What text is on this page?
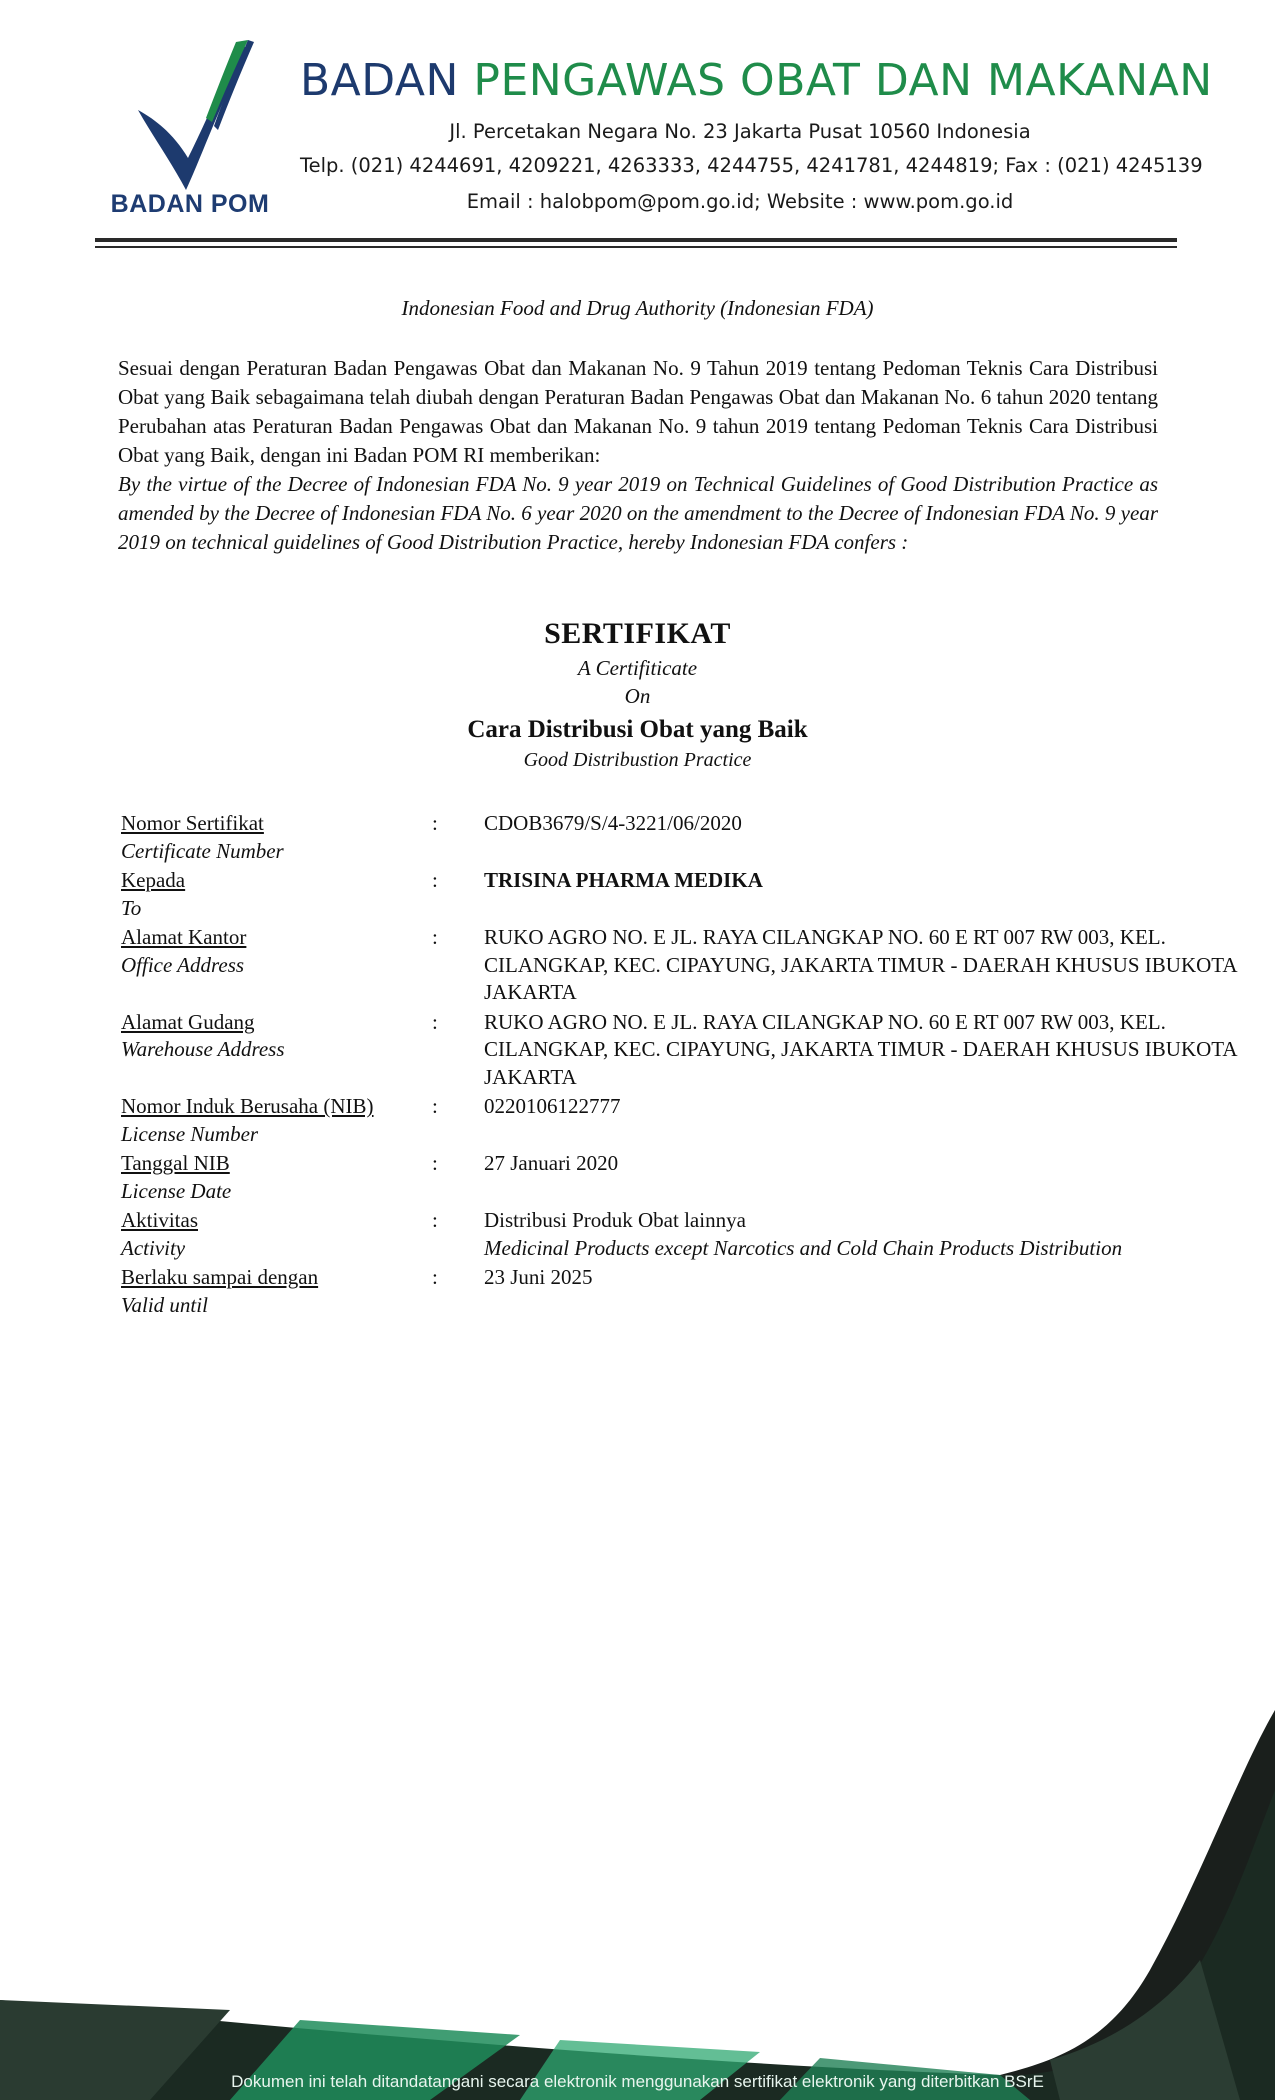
BADAN POM
BADAN PENGAWAS OBAT DAN MAKANAN
Jl. Percetakan Negara No. 23 Jakarta Pusat 10560 Indonesia
Telp. (021) 4244691, 4209221, 4263333, 4244755, 4241781, 4244819; Fax : (021) 4245139
Email : halobpom@pom.go.id; Website : www.pom.go.id
Indonesian Food and Drug Authority (Indonesian FDA)
Sesuai dengan Peraturan Badan Pengawas Obat dan Makanan No. 9 Tahun 2019 tentang Pedoman Teknis Cara Distribusi Obat yang Baik sebagaimana telah diubah dengan Peraturan Badan Pengawas Obat dan Makanan No. 6 tahun 2020 tentang Perubahan atas Peraturan Badan Pengawas Obat dan Makanan No. 9 tahun 2019 tentang Pedoman Teknis Cara Distribusi Obat yang Baik, dengan ini Badan POM RI memberikan:
By the virtue of the Decree of Indonesian FDA No. 9 year 2019 on Technical Guidelines of Good Distribution Practice as amended by the Decree of Indonesian FDA No. 6 year 2020 on the amendment to the Decree of Indonesian FDA No. 9 year 2019 on technical guidelines of Good Distribution Practice, hereby Indonesian FDA confers :
SERTIFIKAT
A Certifiticate
On
Cara Distribusi Obat yang Baik
Good Distribustion Practice
Nomor Sertifikat
Certificate Number
: CDOB3679/S/4-3221/06/2020
Kepada
To
: TRISINA PHARMA MEDIKA
Alamat Kantor
Office Address
: RUKO AGRO NO. E JL. RAYA CILANGKAP NO. 60 E RT 007 RW 003, KEL. CILANGKAP, KEC. CIPAYUNG, JAKARTA TIMUR - DAERAH KHUSUS IBUKOTA JAKARTA
Alamat Gudang
Warehouse Address
: RUKO AGRO NO. E JL. RAYA CILANGKAP NO. 60 E RT 007 RW 003, KEL. CILANGKAP, KEC. CIPAYUNG, JAKARTA TIMUR - DAERAH KHUSUS IBUKOTA JAKARTA
Nomor Induk Berusaha (NIB)
License Number
: 0220106122777
Tanggal NIB
License Date
: 27 Januari 2020
Aktivitas
Activity
: Distribusi Produk Obat lainnya
Medicinal Products except Narcotics and Cold Chain Products Distribution
Berlaku sampai dengan
Valid until
: 23 Juni 2025
Dokumen ini telah ditandatangani secara elektronik menggunakan sertifikat elektronik yang diterbitkan BSrE
